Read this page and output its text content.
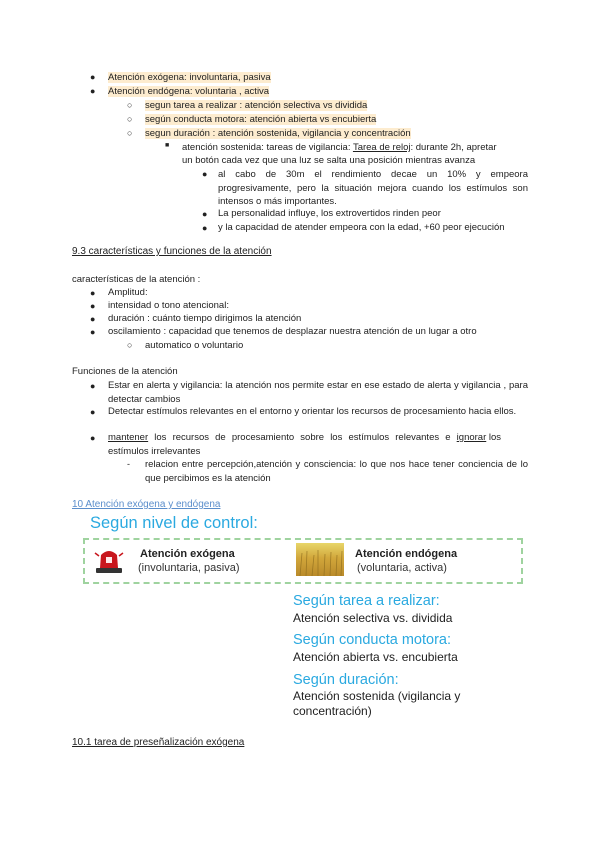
● Atención exógena: involuntaria, pasiva
● Atención endógena: voluntaria , activa
○ segun tarea a realizar : atención selectiva vs dividida
○ según conducta motora: atención abierta vs encubierta
○ segun duración : atención sostenida, vigilancia y concentración
■ atención sostenida: tareas de vigilancia: Tarea de reloj: durante 2h, apretar
un botón cada vez que una luz se salta una posición mientras avanza
● al cabo de 30m el rendimiento decae un 10% y empeora progresivamente, pero la situación mejora cuando los estímulos son intensos o más importantes.
● La personalidad influye, los extrovertidos rinden peor
● y la capacidad de atender empeora con la edad, +60 peor ejecución
9.3 características y funciones de la atención
características de la atención :
● Amplitud:
● intensidad o tono atencional:
● duración : cuánto tiempo dirigimos la atención
● oscilamiento : capacidad que tenemos de desplazar nuestra atención de un lugar a otro
○ automatico o voluntario
Funciones de la atención
● Estar en alerta y vigilancia: la atención nos permite estar en ese estado de alerta y vigilancia , para detectar cambios
● Detectar estímulos relevantes en el entorno y orientar los recursos de procesamiento hacia ellos.
● mantener los recursos de procesamiento sobre los estímulos relevantes e ignorar los
estímulos irrelevantes
- relacion entre percepción,atención y consciencia: lo que nos hace tener conciencia de lo que percibimos es la atención
10 Atención exógena y endógena
Según nivel de control:
Atención exógena
(involuntaria, pasiva)
Atención endógena
(voluntaria, activa)
Según tarea a realizar:
Atención selectiva vs. dividida
Según conducta motora:
Atención abierta vs. encubierta
Según duración:
Atención sostenida (vigilancia y
concentración)
10.1 tarea de preseñalización exógena
